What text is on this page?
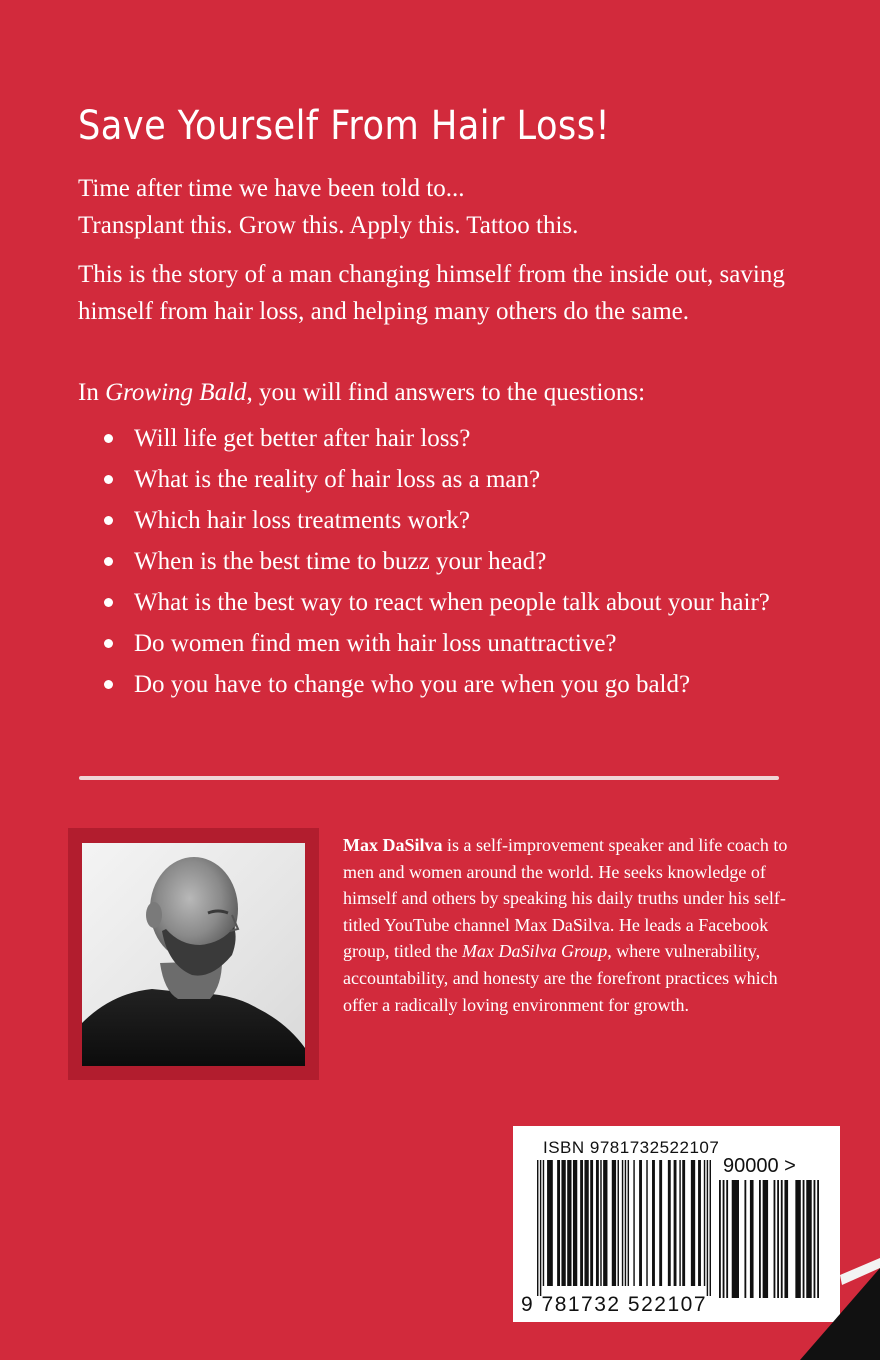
Save Yourself From Hair Loss!
Time after time we have been told to...
Transplant this. Grow this. Apply this. Tattoo this.
This is the story of a man changing himself from the inside out, saving himself from hair loss, and helping many others do the same.
In Growing Bald, you will find answers to the questions:
Will life get better after hair loss?
What is the reality of hair loss as a man?
Which hair loss treatments work?
When is the best time to buzz your head?
What is the best way to react when people talk about your hair?
Do women find men with hair loss unattractive?
Do you have to change who you are when you go bald?
Max DaSilva is a self-improvement speaker and life coach to men and women around the world. He seeks knowledge of himself and others by speaking his daily truths under his self-titled YouTube channel Max DaSilva. He leads a Facebook group, titled the Max DaSilva Group, where vulnerability, accountability, and honesty are the forefront practices which offer a radically loving environment for growth.
ISBN 9781732522107
90000 >
9 781732 522107
